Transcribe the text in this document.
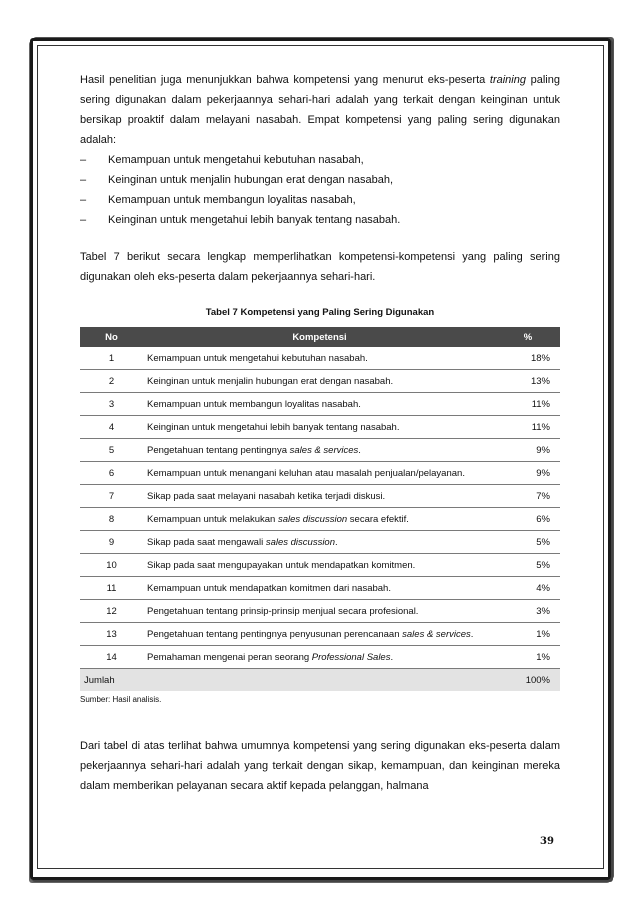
Hasil penelitian juga menunjukkan bahwa kompetensi yang menurut eks-peserta training paling sering digunakan dalam pekerjaannya sehari-hari adalah yang terkait dengan keinginan untuk bersikap proaktif dalam melayani nasabah. Empat kompetensi yang paling sering digunakan adalah:

–	Kemampuan untuk mengetahui kebutuhan nasabah,
–	Keinginan untuk menjalin hubungan erat dengan nasabah,
–	Kemampuan untuk membangun loyalitas nasabah,
–	Keinginan untuk mengetahui lebih banyak tentang nasabah.

Tabel 7 berikut secara lengkap memperlihatkan kompetensi-kompetensi yang paling sering digunakan oleh eks-peserta dalam pekerjaannya sehari-hari.

Tabel 7 Kompetensi yang Paling Sering Digunakan
No	Kompetensi	%
1	Kemampuan untuk mengetahui kebutuhan nasabah.	18%
2	Keinginan untuk menjalin hubungan erat dengan nasabah.	13%
3	Kemampuan untuk membangun loyalitas nasabah.	11%
4	Keinginan untuk mengetahui lebih banyak tentang nasabah.	11%
5	Pengetahuan tentang pentingnya sales & services.	9%
6	Kemampuan untuk menangani keluhan atau masalah penjualan/pelayanan.	9%
7	Sikap pada saat melayani nasabah ketika terjadi diskusi.	7%
8	Kemampuan untuk melakukan sales discussion secara efektif.	6%
9	Sikap pada saat mengawali sales discussion.	5%
10	Sikap pada saat mengupayakan untuk mendapatkan komitmen.	5%
11	Kemampuan untuk mendapatkan komitmen dari nasabah.	4%
12	Pengetahuan tentang prinsip-prinsip menjual secara profesional.	3%
13	Pengetahuan tentang pentingnya penyusunan perencanaan sales & services.	1%
14	Pemahaman mengenai peran seorang Professional Sales.	1%
Jumlah		100%
Sumber: Hasil analisis.

Dari tabel di atas terlihat bahwa umumnya kompetensi yang sering digunakan eks-peserta dalam pekerjaannya sehari-hari adalah yang terkait dengan sikap, kemampuan, dan keinginan mereka dalam memberikan pelayanan secara aktif kepada pelanggan, halmana

39
